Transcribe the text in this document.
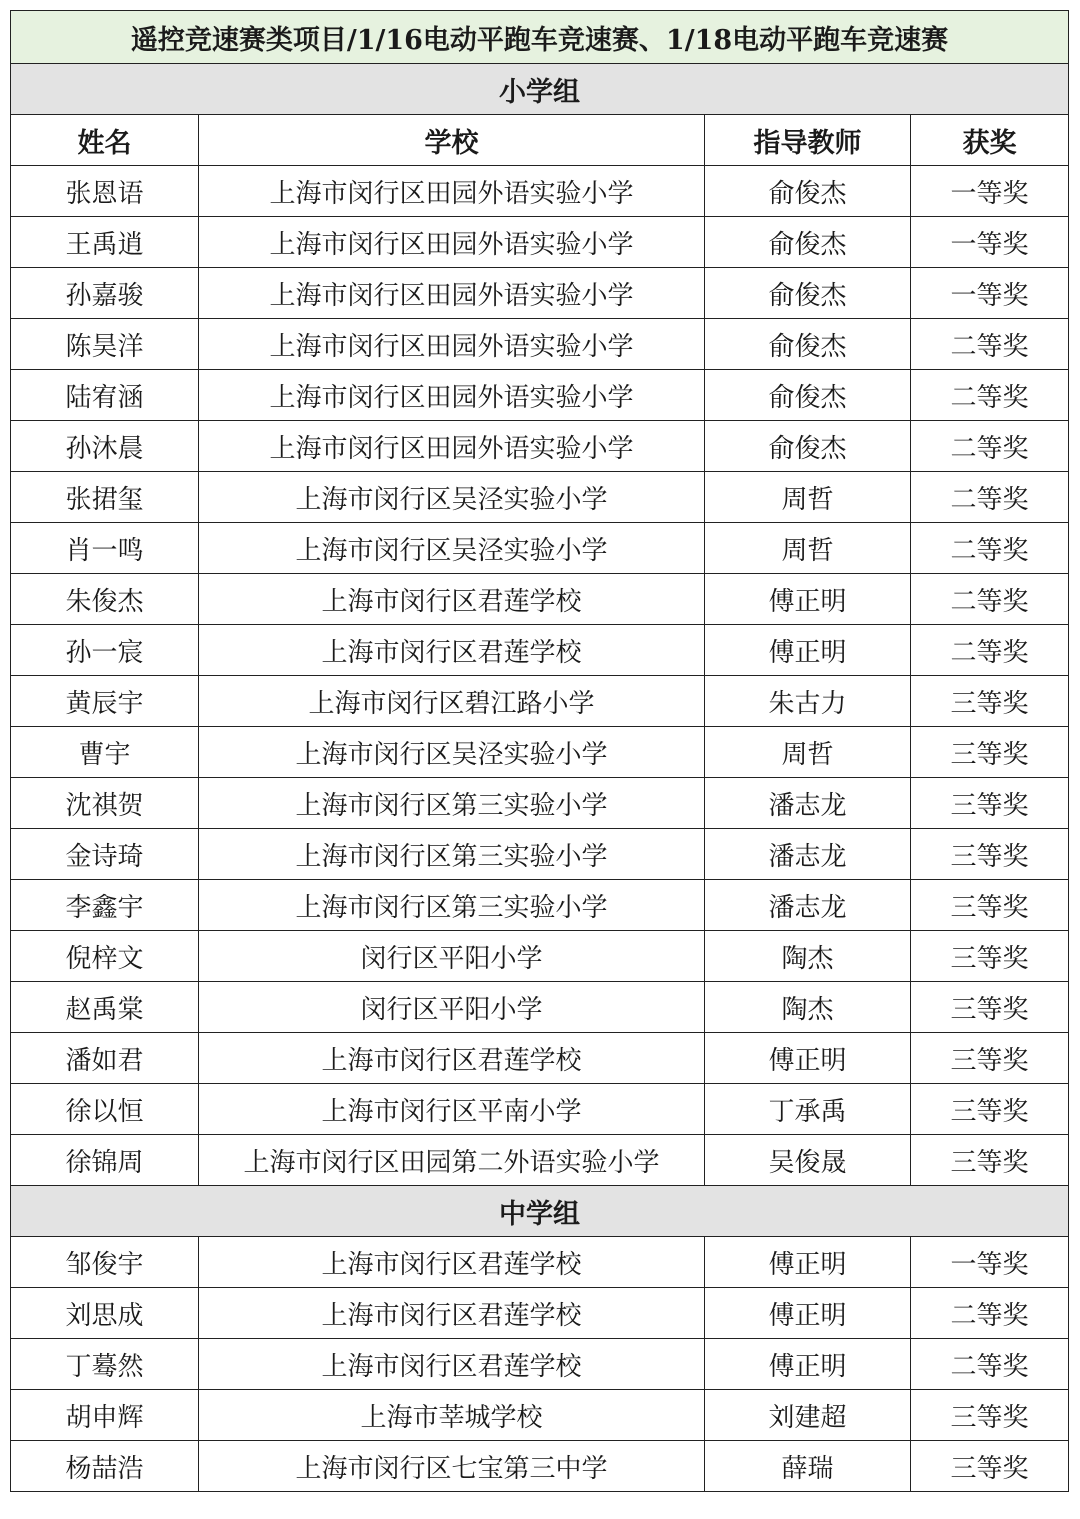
遥控竞速赛类项目/1/16电动平跑车竞速赛、1/18电动平跑车竞速赛			
小学组			
姓名	学校	指导教师	获奖
张恩语	上海市闵行区田园外语实验小学	俞俊杰	一等奖
王禹逍	上海市闵行区田园外语实验小学	俞俊杰	一等奖
孙嘉骏	上海市闵行区田园外语实验小学	俞俊杰	一等奖
陈昊洋	上海市闵行区田园外语实验小学	俞俊杰	二等奖
陆宥涵	上海市闵行区田园外语实验小学	俞俊杰	二等奖
孙沐晨	上海市闵行区田园外语实验小学	俞俊杰	二等奖
张捃玺	上海市闵行区吴泾实验小学	周哲	二等奖
肖一鸣	上海市闵行区吴泾实验小学	周哲	二等奖
朱俊杰	上海市闵行区君莲学校	傅正明	二等奖
孙一宸	上海市闵行区君莲学校	傅正明	二等奖
黄辰宇	上海市闵行区碧江路小学	朱古力	三等奖
曹宇	上海市闵行区吴泾实验小学	周哲	三等奖
沈祺贺	上海市闵行区第三实验小学	潘志龙	三等奖
金诗琦	上海市闵行区第三实验小学	潘志龙	三等奖
李鑫宇	上海市闵行区第三实验小学	潘志龙	三等奖
倪梓文	闵行区平阳小学	陶杰	三等奖
赵禹棠	闵行区平阳小学	陶杰	三等奖
潘如君	上海市闵行区君莲学校	傅正明	三等奖
徐以恒	上海市闵行区平南小学	丁承禹	三等奖
徐锦周	上海市闵行区田园第二外语实验小学	吴俊晟	三等奖
中学组			
邹俊宇	上海市闵行区君莲学校	傅正明	一等奖
刘思成	上海市闵行区君莲学校	傅正明	二等奖
丁蓦然	上海市闵行区君莲学校	傅正明	二等奖
胡申辉	上海市莘城学校	刘建超	三等奖
杨喆浩	上海市闵行区七宝第三中学	薛瑞	三等奖
